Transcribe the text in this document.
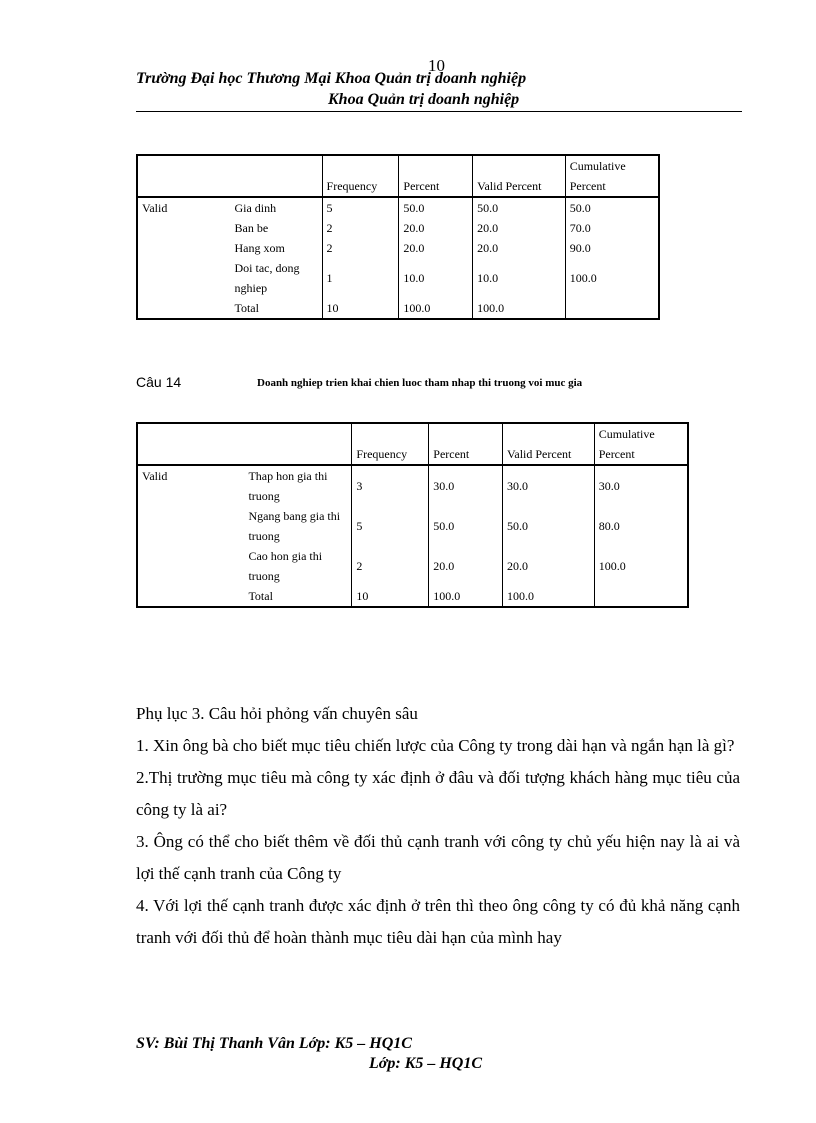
10
Trường Đại học Thương Mại Khoa Quản trị doanh nghiệp
Khoa Quản trị doanh nghiệp
		Frequency	Percent	Valid Percent	Cumulative
Percent
Valid	Gia dinh	5	50.0	50.0	50.0
	Ban be	2	20.0	20.0	70.0
	Hang xom	2	20.0	20.0	90.0
	Doi tac, dong nghiep	1	10.0	10.0	100.0
	Total	10	100.0	100.0	
Câu 14	Doanh nghiep trien khai chien luoc tham nhap thi truong voi muc gia
		Frequency	Percent	Valid Percent	Cumulative
Percent
Valid	Thap hon gia thi truong	3	30.0	30.0	30.0
	Ngang bang gia thi truong	5	50.0	50.0	80.0
	Cao hon gia thi truong	2	20.0	20.0	100.0
	Total	10	100.0	100.0	

Phụ lục 3. Câu hỏi phỏng vấn chuyên sâu

1. Xin ông bà cho biết mục tiêu chiến lược của Công ty trong dài hạn và ngắn hạn là gì?

2.Thị trường mục tiêu mà công ty xác định ở đâu và đối tượng khách hàng mục tiêu của công ty là ai?

3. Ông có thể cho biết thêm về đối thủ cạnh tranh với công ty chủ yếu hiện nay là ai và lợi thế cạnh tranh của Công ty

4. Với lợi thế cạnh tranh được xác định ở trên thì theo ông công ty có đủ khả năng cạnh tranh với đối thủ để hoàn thành mục tiêu dài hạn của mình hay

SV: Bùi Thị Thanh Vân Lớp: K5 – HQ1C
Lớp: K5 – HQ1C
